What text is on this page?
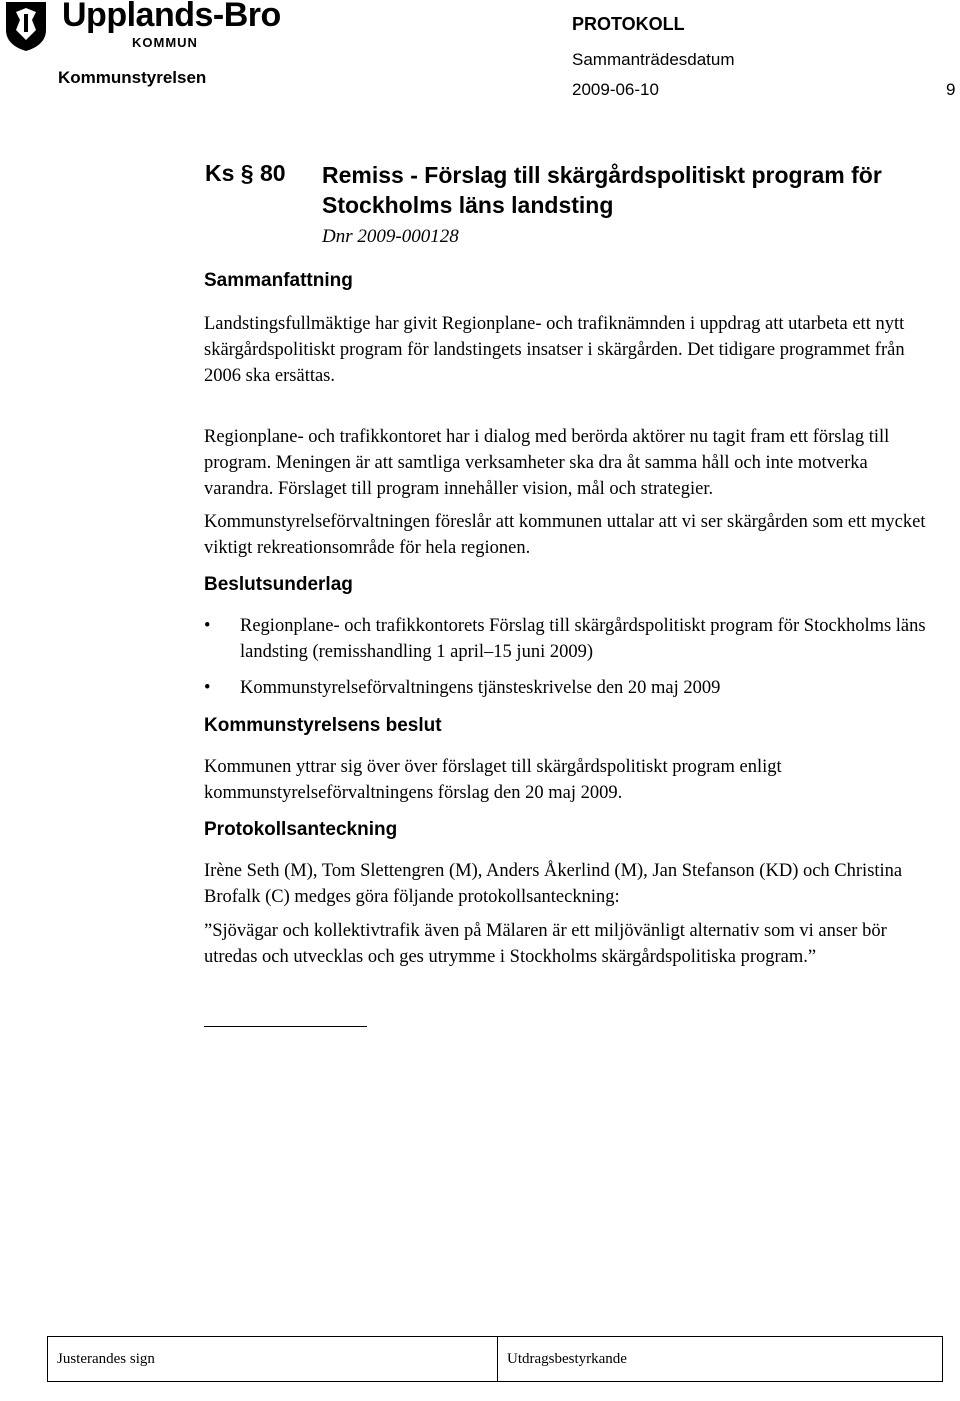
Upplands-Bro
KOMMUN
Kommunstyrelsen
PROTOKOLL
Sammanträdesdatum
2009-06-10	9
Ks § 80 Remiss - Förslag till skärgårdspolitiskt program för Stockholms läns landsting
Dnr 2009-000128
Sammanfattning

Landstingsfullmäktige har givit Regionplane- och trafiknämnden i uppdrag att utarbeta ett nytt skärgårdspolitiskt program för landstingets insatser i skärgården. Det tidigare programmet från 2006 ska ersättas.

Regionplane- och trafikkontoret har i dialog med berörda aktörer nu tagit fram ett förslag till program. Meningen är att samtliga verksamheter ska dra åt samma håll och inte motverka varandra. Förslaget till program innehåller vision, mål och strategier.

Kommunstyrelseförvaltningen föreslår att kommunen uttalar att vi ser skärgården som ett mycket viktigt rekreationsområde för hela regionen.

Beslutsunderlag
• Regionplane- och trafikkontorets Förslag till skärgårdspolitiskt program för Stockholms läns landsting (remisshandling 1 april–15 juni 2009)
• Kommunstyrelseförvaltningens tjänsteskrivelse den 20 maj 2009
Kommunstyrelsens beslut

Kommunen yttrar sig över över förslaget till skärgårdspolitiskt program enligt kommunstyrelseförvaltningens förslag den 20 maj 2009.

Protokollsanteckning

Irène Seth (M), Tom Slettengren (M), Anders Åkerlind (M), Jan Stefanson (KD) och Christina Brofalk (C) medges göra följande protokollsanteckning:

”Sjövägar och kollektivtrafik även på Mälaren är ett miljövänligt alternativ som vi anser bör utredas och utvecklas och ges utrymme i Stockholms skärgårdspolitiska program.”

Justerandes sign	Utdragsbestyrkande
